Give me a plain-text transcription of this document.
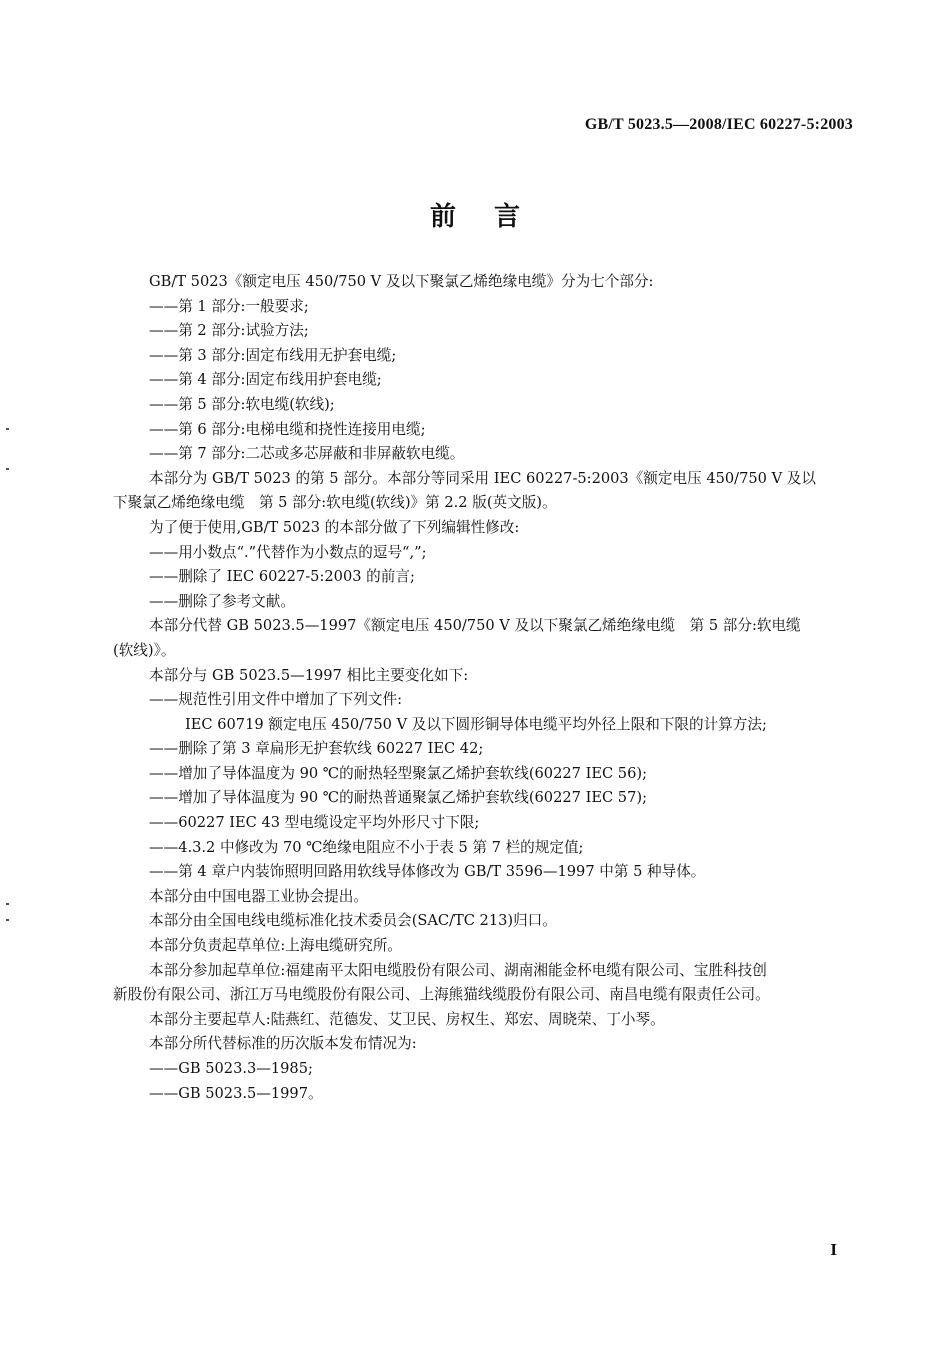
GB/T 5023.5—2008/IEC 60227-5:2003
前言
GB/T 5023《额定电压 450/750 V 及以下聚氯乙烯绝缘电缆》分为七个部分:
——第 1 部分:一般要求;
——第 2 部分:试验方法;
——第 3 部分:固定布线用无护套电缆;
——第 4 部分:固定布线用护套电缆;
——第 5 部分:软电缆(软线);
——第 6 部分:电梯电缆和挠性连接用电缆;
——第 7 部分:二芯或多芯屏蔽和非屏蔽软电缆。
本部分为 GB/T 5023 的第 5 部分。本部分等同采用 IEC 60227-5:2003《额定电压 450/750 V 及以
下聚氯乙烯绝缘电缆　第 5 部分:软电缆(软线)》第 2.2 版(英文版)。
为了便于使用,GB/T 5023 的本部分做了下列编辑性修改:
——用小数点“.”代替作为小数点的逗号“,”;
——删除了 IEC 60227-5:2003 的前言;
——删除了参考文献。
本部分代替 GB 5023.5—1997《额定电压 450/750 V 及以下聚氯乙烯绝缘电缆　第 5 部分:软电缆
(软线)》。
本部分与 GB 5023.5—1997 相比主要变化如下:
——规范性引用文件中增加了下列文件:
IEC 60719 额定电压 450/750 V 及以下圆形铜导体电缆平均外径上限和下限的计算方法;
——删除了第 3 章扁形无护套软线 60227 IEC 42;
——增加了导体温度为 90 ℃的耐热轻型聚氯乙烯护套软线(60227 IEC 56);
——增加了导体温度为 90 ℃的耐热普通聚氯乙烯护套软线(60227 IEC 57);
——60227 IEC 43 型电缆设定平均外形尺寸下限;
——4.3.2 中修改为 70 ℃绝缘电阻应不小于表 5 第 7 栏的规定值;
——第 4 章户内装饰照明回路用软线导体修改为 GB/T 3596—1997 中第 5 种导体。
本部分由中国电器工业协会提出。
本部分由全国电线电缆标准化技术委员会(SAC/TC 213)归口。
本部分负责起草单位:上海电缆研究所。
本部分参加起草单位:福建南平太阳电缆股份有限公司、湖南湘能金杯电缆有限公司、宝胜科技创
新股份有限公司、浙江万马电缆股份有限公司、上海熊猫线缆股份有限公司、南昌电缆有限责任公司。
本部分主要起草人:陆燕红、范德发、艾卫民、房权生、郑宏、周晓荣、丁小琴。
本部分所代替标准的历次版本发布情况为:
——GB 5023.3—1985;
——GB 5023.5—1997。
I
